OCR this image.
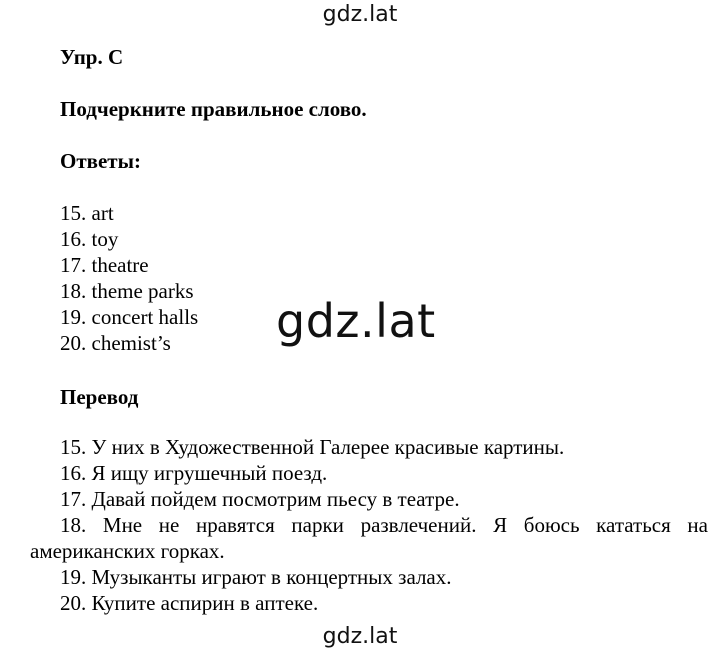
gdz.lat
Упр. С
Подчеркните правильное слово.
Ответы:
15. art
16. toy
17. theatre
18. theme parks
19. concert halls
20. chemist’s	gdz.lat
Перевод
15. У них в Художественной Галерее красивые картины.
16. Я ищу игрушечный поезд.
17. Давай пойдем посмотрим пьесу в театре.
18. Мне не нравятся парки развлечений. Я боюсь кататься на американских горках.
19. Музыканты играют в концертных залах.
20. Купите аспирин в аптеке.
gdz.lat
